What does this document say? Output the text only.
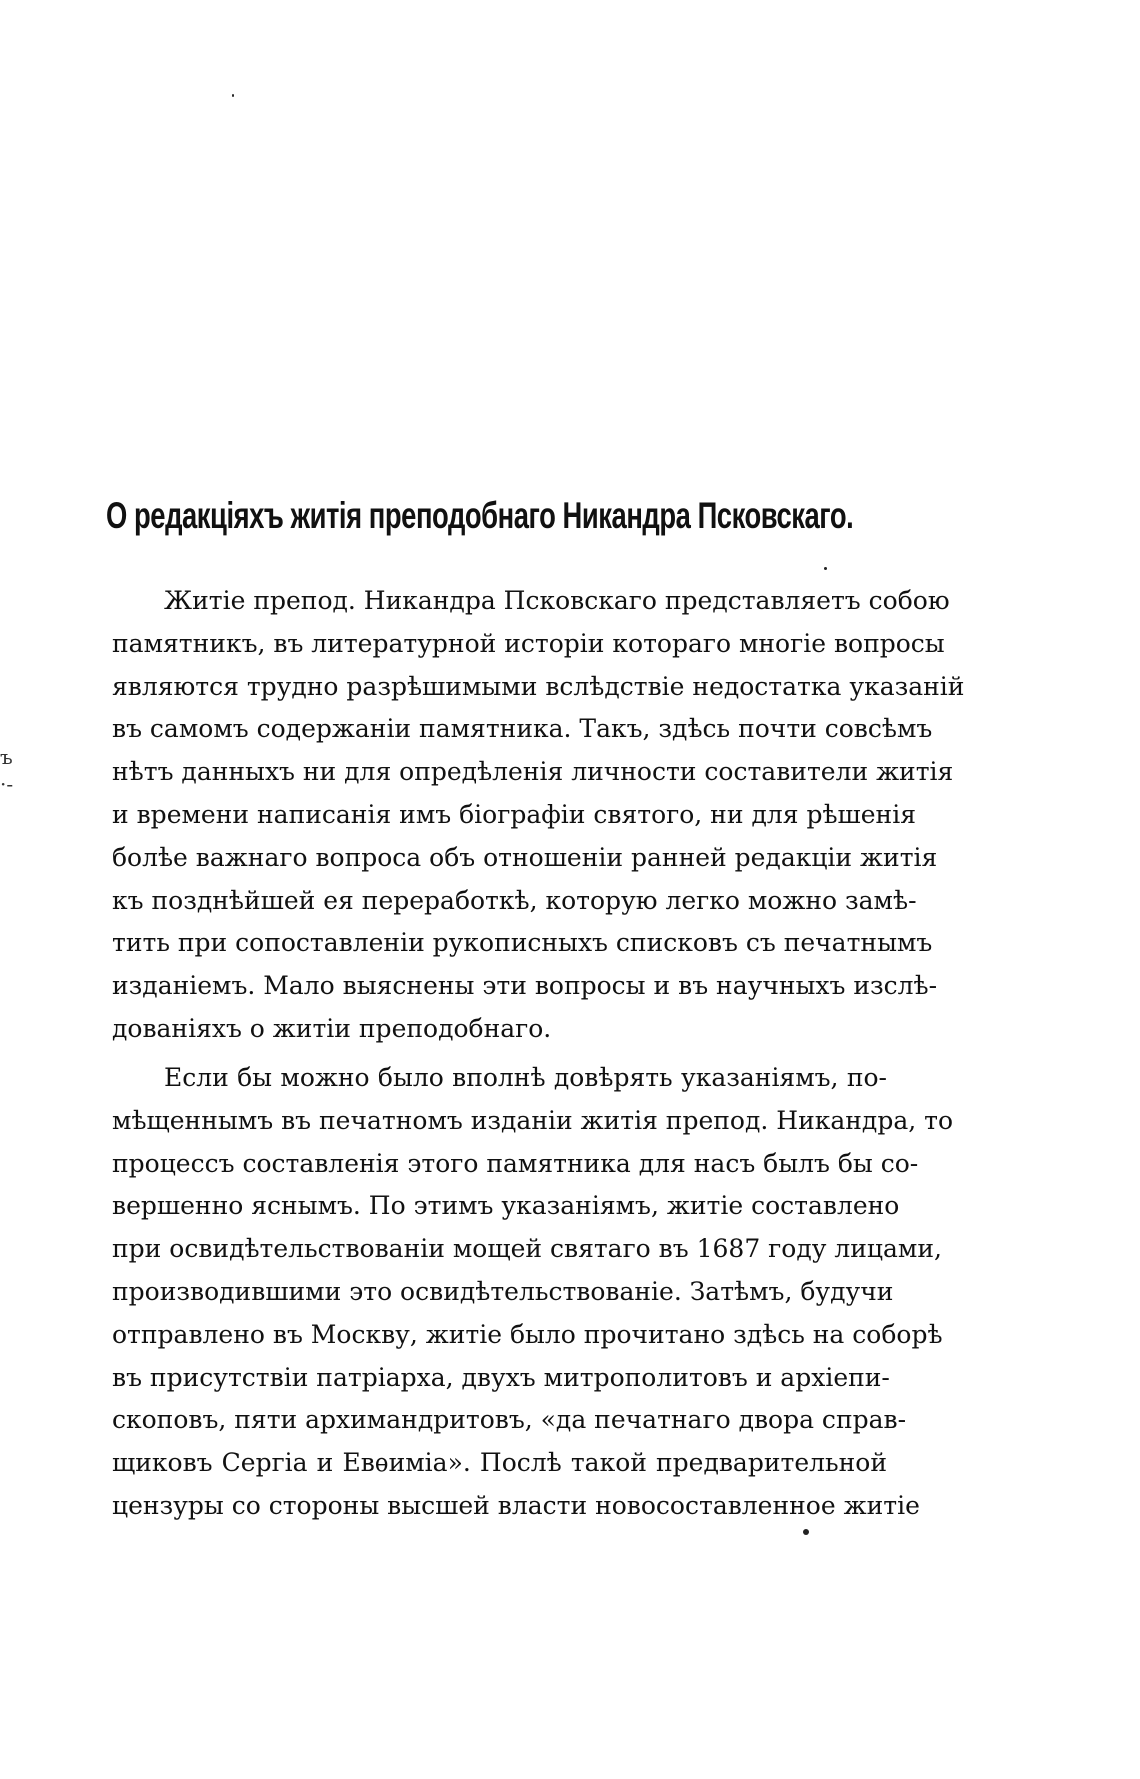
ъ
·-
О редакціяхъ житія преподобнаго Никандра Псковскаго.
Житіе препод. Никандра Псковскаго представляетъ собою
памятникъ, въ литературной исторіи котораго многіе вопросы
являются трудно разрѣшимыми вслѣдствіе недостатка указаній
въ самомъ содержаніи памятника. Такъ, здѣсь почти совсѣмъ
нѣтъ данныхъ ни для опредѣленія личности составители житія
и времени написанія имъ біографіи святого, ни для рѣшенія
болѣе важнаго вопроса объ отношеніи ранней редакціи житія
къ позднѣйшей ея переработкѣ, которую легко можно замѣ-
тить при сопоставленіи рукописныхъ списковъ съ печатнымъ
изданіемъ. Мало выяснены эти вопросы и въ научныхъ изслѣ-
дованіяхъ о житіи преподобнаго.
Если бы можно было вполнѣ довѣрять указаніямъ, по-
мѣщеннымъ въ печатномъ изданіи житія препод. Никандра, то
процессъ составленія этого памятника для насъ былъ бы со-
вершенно яснымъ. По этимъ указаніямъ, житіе составлено
при освидѣтельствованіи мощей святаго въ 1687 году лицами,
производившими это освидѣтельствованіе. Затѣмъ, будучи
отправлено въ Москву, житіе было прочитано здѣсь на соборѣ
въ присутствіи патріарха, двухъ митрополитовъ и архіепи-
скоповъ, пяти архимандритовъ, «да печатнаго двора справ-
щиковъ Сергіа и Евѳиміа». Послѣ такой предварительной
цензуры со стороны высшей власти новосоставленное житіе
